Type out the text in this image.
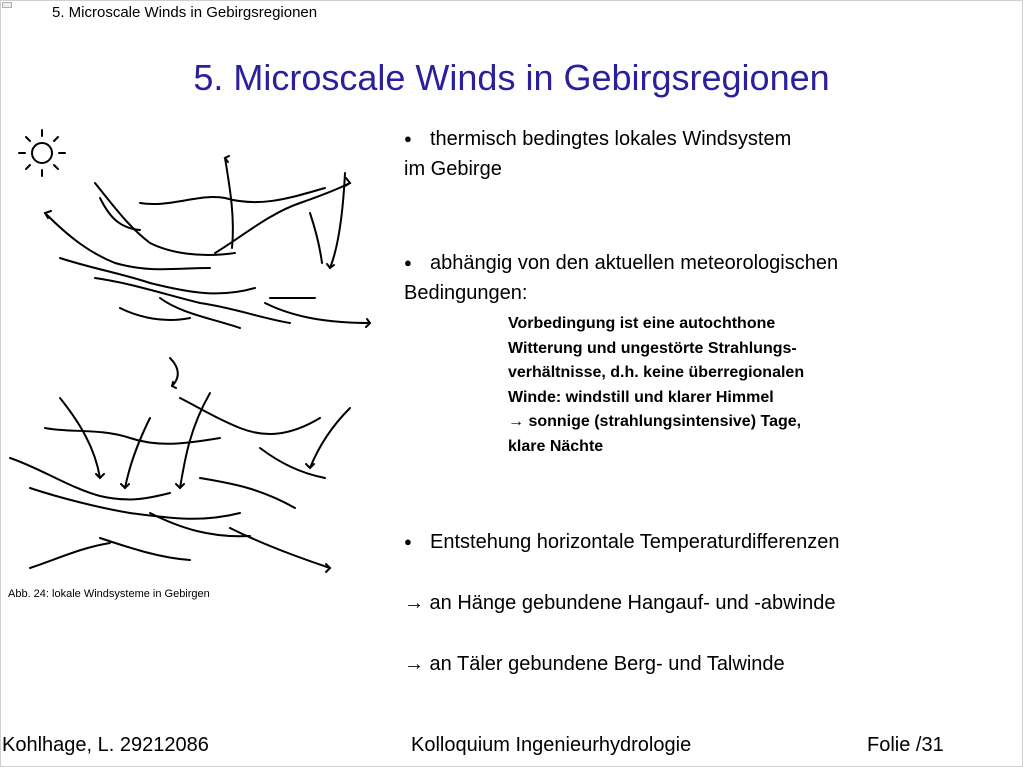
5. Microscale Winds in Gebirgsregionen
5. Microscale Winds in Gebirgsregionen
Abb. 24: lokale Windsysteme in Gebirgen
● thermisch bedingtes lokales Windsystem
im Gebirge
● abhängig von den aktuellen meteorologischen
Bedingungen:
Vorbedingung ist eine autochthone
Witterung und ungestörte Strahlungs-
verhältnisse, d.h. keine überregionalen
Winde: windstill und klarer Himmel
→ sonnige (strahlungsintensive) Tage,
klare Nächte
● Entstehung horizontale Temperaturdifferenzen
→ an Hänge gebundene Hangauf- und -abwinde
→ an Täler gebundene Berg- und Talwinde
Kohlhage, L. 29212086	Kolloquium Ingenieurhydrologie	Folie /31
